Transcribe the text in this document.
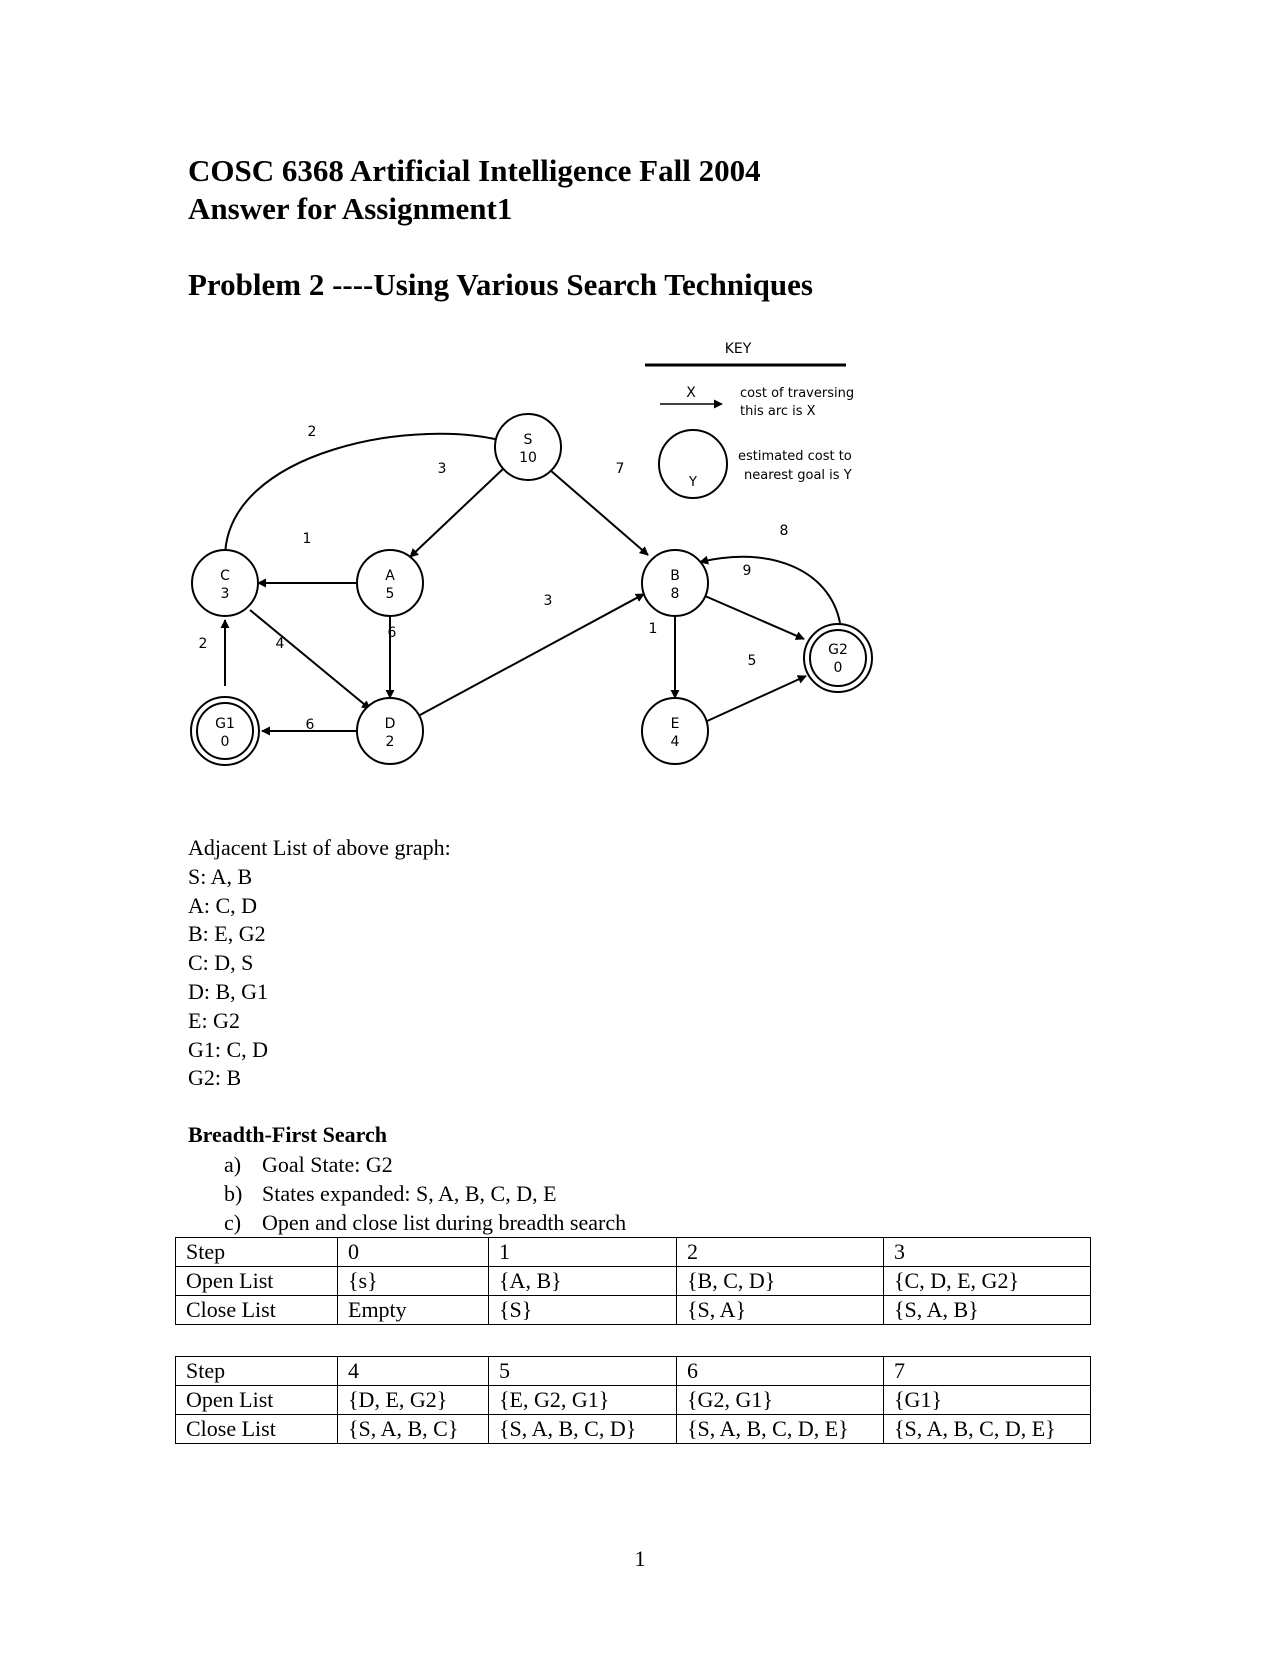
COSC 6368 Artificial Intelligence Fall 2004
Answer for Assignment1
Problem 2 ----Using Various Search Techniques
KEY
X	cost of traversing
this arc is X
Y
estimated cost to
nearest goal is Y
2
3	7
1
6
4
2
6
3
1
9
8
5
S
10
A
5
B
8
C
3
D
2
E
4
G1
0
G2
0
Adjacent List of above graph:
S: A, B
A: C, D
B: E, G2
C: D, S
D: B, G1
E: G2
G1: C, D
G2: B
Breadth-First Search
a) Goal State: G2
b) States expanded: S, A, B, C, D, E
c) Open and close list during breadth search
Step	0	1	2	3
Open List	{s}	{A, B}	{B, C, D}	{C, D, E, G2}
Close List	Empty	{S}	{S, A}	{S, A, B}
Step	4	5	6	7
Open List	{D, E, G2}	{E, G2, G1}	{G2, G1}	{G1}
Close List	{S, A, B, C}	{S, A, B, C, D}	{S, A, B, C, D, E}	{S, A, B, C, D, E}
1
